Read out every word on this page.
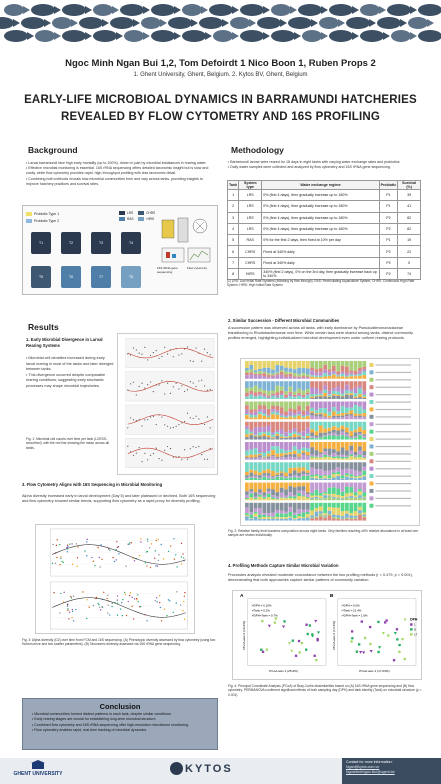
Ngoc Minh Ngan Bui 1,2, Tom Defoirdt 1 Nico Boon 1, Ruben Props 2
1. Ghent University, Ghent, Belgium. 2. Kytos BV, Ghent, Belgium
EARLY-LIFE MICROBIOAL DYNAMICS IN BARRAMUNDI HATCHERIES REVEALED BY FLOW CYTOMETRY AND 16S PROFILING
Background
• Larval barramundi face high early mortality (up to 100%), driven in part by microbial imbalances in rearing water.
• Effective microbial monitoring is essential. 16S rRNA sequencing offers detailed taxonomic insight but is slow and costly, while flow cytometry provides rapid, high-throughput profiling with less taxonomic detail.
• Combining both methods reveals how microbial communities form and vary across tanks, providing insights to improve hatchery practices and survival rates.
Probiotic Type 1
Probiotic Type 2
LRS	CHRS
RAS	HIRS
T1	T2	T3	T4
T5	T6	T7	T8
16S rRNA gene sequencing
Flow cytometry
Methodology
• Barramundi larvae were reared for 18 days in eight tanks with varying water exchange rates and probiotics.
• Daily water samples were collected and analyzed by flow cytometry and 16S rRNA gene sequencing.
Tank	System type	Water exchange regime	Probiotic	Survival (%)
1	LRS	0% (first 4 days), then gradually increase up to 180%	P1	39
2	LRS	0% (first 4 days), then gradually increase up to 180%	P1	41
3	LRS	0% (first 4 days), then gradually increase up to 180%	P2	82
4	LRS	0% (first 4 days), then gradually increase up to 180%	P2	82
5	RAS	0% for the first 2 days, then fixed at 10% per day	P1	19
6	CHRS	Fixed at 340% daily	P2	22
7	CHRS	Fixed at 340% daily	P2	0
8	HIRS	340% (first 2 days), 0% on the 3rd day, then gradually increase back up to 340%	P2	74
(1) LRS: Low Initial Rate Systems (following by flow through), RAS: Recirculating Aquaculture System, CHRS: Continuous High-Rate System, HIRS: High Initial Rate System
Results
1. Early Microbial Divergence in Larval Rearing Systems
• Microbial cell densities increased during early larval rearing in most of the tanks and later diverged between tanks.
• This divergence occurred despite comparable rearing conditions, suggesting early stochastic processes may shape microbial trajectories.
Fig. 1: Microbial cell counts over time per tank (LOESS-smoothed), with the red line showing the mean across all tanks.
2. Similar Succession - Different Microbial Communities
A succession pattern was observed across all tanks, with early dominance by Pseudoalteromonadaceae transitioning to Rhodobacteraceae over time. While certain taxa were shared among tanks, distinct community profiles emerged, highlighting individualized microbial development even under uniform rearing protocols.
Fig. 2: Relative family-level bacteria composition across eight tanks. Only families reaching ≥5% relative abundance in at least one sample are shown individually.
3. Flow Cytometry Aligns with 16S Sequencing in Microbial Monitoring
Alpha diversity increased early in larval development (Day 5) and later plateaued or declined. Both 16S sequencing and flow cytometry showed similar trends, supporting flow cytometry as a rapid proxy for diversity profiling.
Fig. 3: Alpha diversity (D2) over time from FCM and 16S sequencing. (A) Phenotypic diversity assessed by flow cytometry (using two Hubsm-ence and two scatter parameters). (B) Taxonomic diversity assessed via 16S rRNA gene sequencing.
4. Profiling Methods Capture Similar Microbial Variation
Procrustes analysis revealed moderate concordance between the two profiling methods (r = 0.479, p = 0.001), demonstrating that both approaches capture similar patterns of community variation.
A
r²DPH = 0.10%
r²Tank = 0.2%
r²DPH×Tank = 0.7%
PCoA axis 1 (25.6%)
PCoA axis 2 (16.6%)
B
r²DPH = 6.0%
r²Tank = 21.4%
r²DPH×Tank = 1.6%
PCoA axis 1 (17.03%)
PCoA axis 2 (14.4%)
DPH
1
8
17
Fig. 4: Principal Coordinate Analysis (PCoA) of Bray-Curtis dissimilarities based on (A) 16S rRNA gene sequencing and (B) flow cytometry. PERMANOVA confirmed significant effects of both sampling day (DPH) and tank identity (Tank) on microbial structure (p = 0.001).
Conclusion
• Microbial communities formed distinct patterns in each tank, despite similar conditions.
• Early rearing stages are crucial for establishing long-term microbial structure.
• Combined flow cytometry and 16S rRNA sequencing offer high-resolution microbiome monitoring.
• Flow cytometry enables rapid, real-time tracking of microbial dynamics.
GHENT UNIVERSITY	KYTOS
Contact for more information:
Ngan@kytos.com.vn
NgocMinhNgan.Bui@ugent.be
